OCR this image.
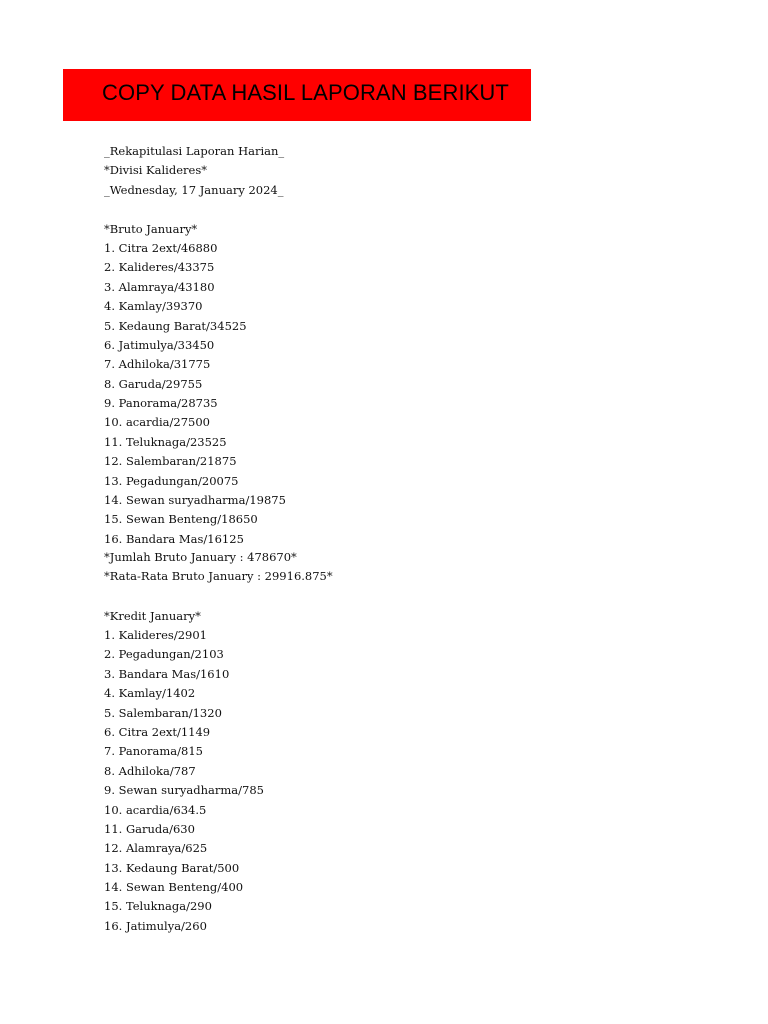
COPY DATA HASIL LAPORAN BERIKUT
_Rekapitulasi Laporan Harian_
*Divisi Kalideres*
_Wednesday, 17 January 2024_
*Bruto January*
1. Citra 2ext/46880
2. Kalideres/43375
3. Alamraya/43180
4. Kamlay/39370
5. Kedaung Barat/34525
6. Jatimulya/33450
7. Adhiloka/31775
8. Garuda/29755
9. Panorama/28735
10. acardia/27500
11. Teluknaga/23525
12. Salembaran/21875
13. Pegadungan/20075
14. Sewan suryadharma/19875
15. Sewan Benteng/18650
16. Bandara Mas/16125
*Jumlah Bruto January : 478670*
*Rata-Rata Bruto January : 29916.875*
*Kredit January*
1. Kalideres/2901
2. Pegadungan/2103
3. Bandara Mas/1610
4. Kamlay/1402
5. Salembaran/1320
6. Citra 2ext/1149
7. Panorama/815
8. Adhiloka/787
9. Sewan suryadharma/785
10. acardia/634.5
11. Garuda/630
12. Alamraya/625
13. Kedaung Barat/500
14. Sewan Benteng/400
15. Teluknaga/290
16. Jatimulya/260
